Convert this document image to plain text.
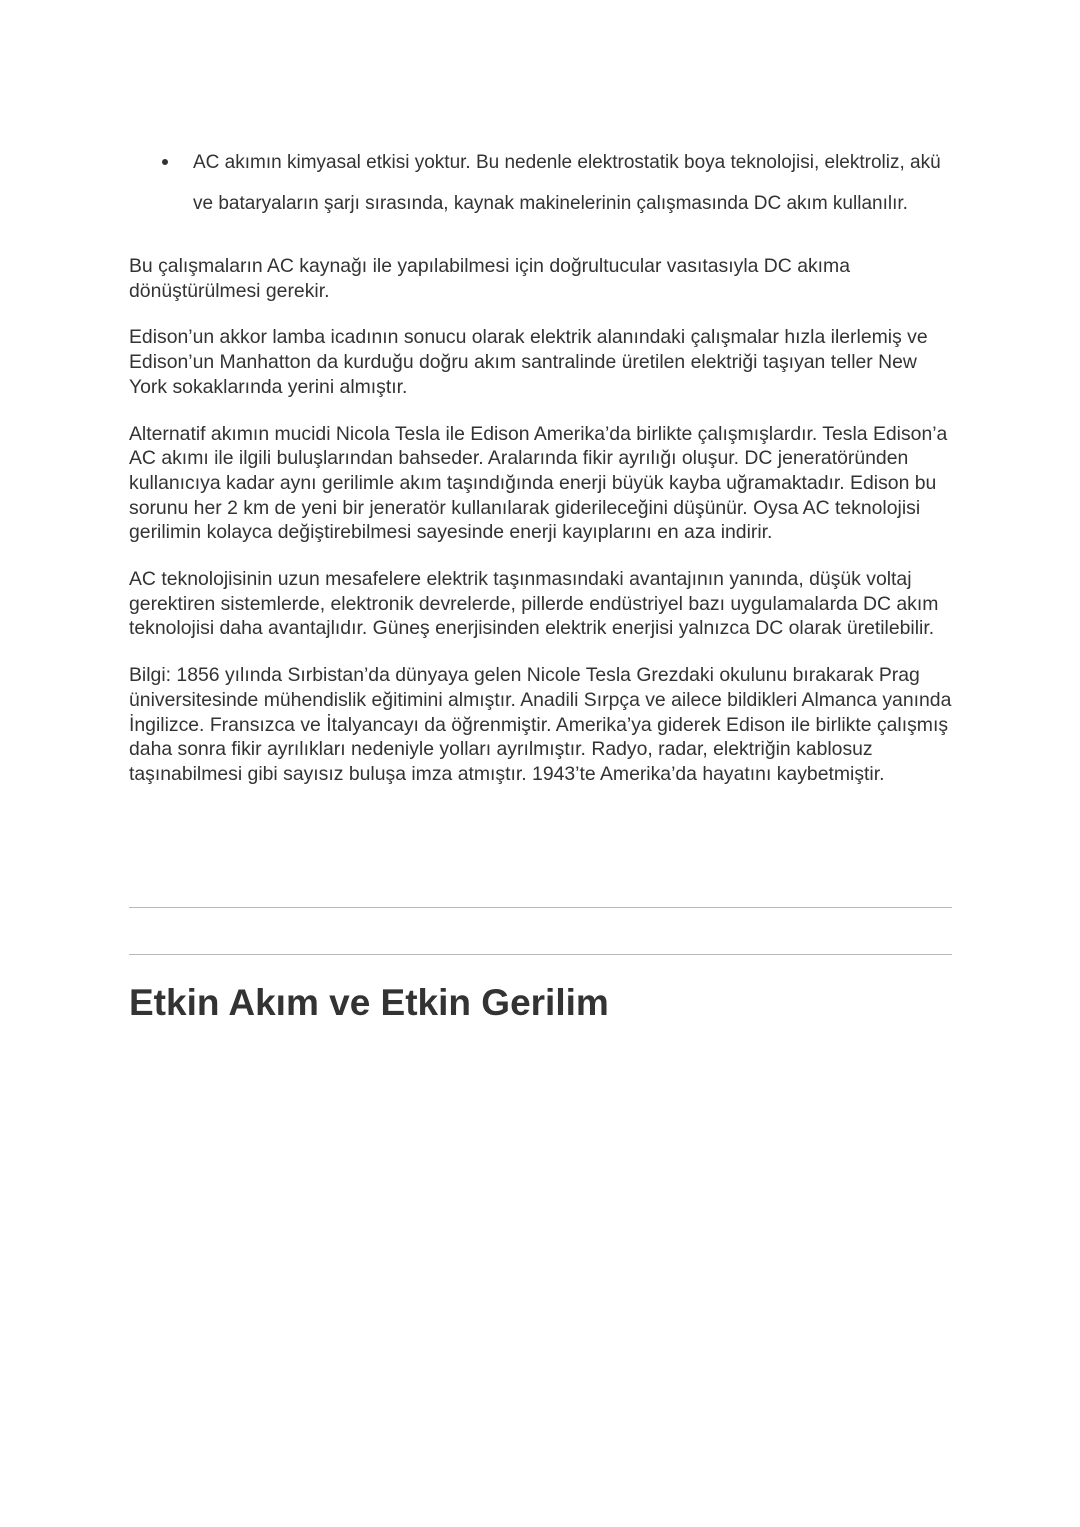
AC akımın kimyasal etkisi yoktur. Bu nedenle elektrostatik boya teknolojisi, elektroliz, akü ve bataryaların şarjı sırasında, kaynak makinelerinin çalışmasında DC akım kullanılır.

Bu çalışmaların AC kaynağı ile yapılabilmesi için doğrultucular vasıtasıyla DC akıma dönüştürülmesi gerekir.

Edison’un akkor lamba icadının sonucu olarak elektrik alanındaki çalışmalar hızla ilerlemiş ve Edison’un Manhatton da kurduğu doğru akım santralinde üretilen elektriği taşıyan teller New York sokaklarında yerini almıştır.

Alternatif akımın mucidi Nicola Tesla ile Edison Amerika’da birlikte çalışmışlardır. Tesla Edison’a AC akımı ile ilgili buluşlarından bahseder. Aralarında fikir ayrılığı oluşur. DC jeneratöründen kullanıcıya kadar aynı gerilimle akım taşındığında enerji büyük kayba uğramaktadır. Edison bu sorunu her 2 km de yeni bir jeneratör kullanılarak giderileceğini düşünür. Oysa AC teknolojisi gerilimin kolayca değiştirebilmesi sayesinde enerji kayıplarını en aza indirir.

AC teknolojisinin uzun mesafelere elektrik taşınmasındaki avantajının yanında, düşük voltaj gerektiren sistemlerde, elektronik devrelerde, pillerde endüstriyel bazı uygulamalarda DC akım teknolojisi daha avantajlıdır. Güneş enerjisinden elektrik enerjisi yalnızca DC olarak üretilebilir.

Bilgi: 1856 yılında Sırbistan’da dünyaya gelen Nicole Tesla Grezdaki okulunu bırakarak Prag üniversitesinde mühendislik eğitimini almıştır. Anadili Sırpça ve ailece bildikleri Almanca yanında İngilizce. Fransızca ve İtalyancayı da öğrenmiştir. Amerika’ya giderek Edison ile birlikte çalışmış daha sonra fikir ayrılıkları nedeniyle yolları ayrılmıştır. Radyo, radar, elektriğin kablosuz taşınabilmesi gibi sayısız buluşa imza atmıştır. 1943’te Amerika’da hayatını kaybetmiştir.

Etkin Akım ve Etkin Gerilim
